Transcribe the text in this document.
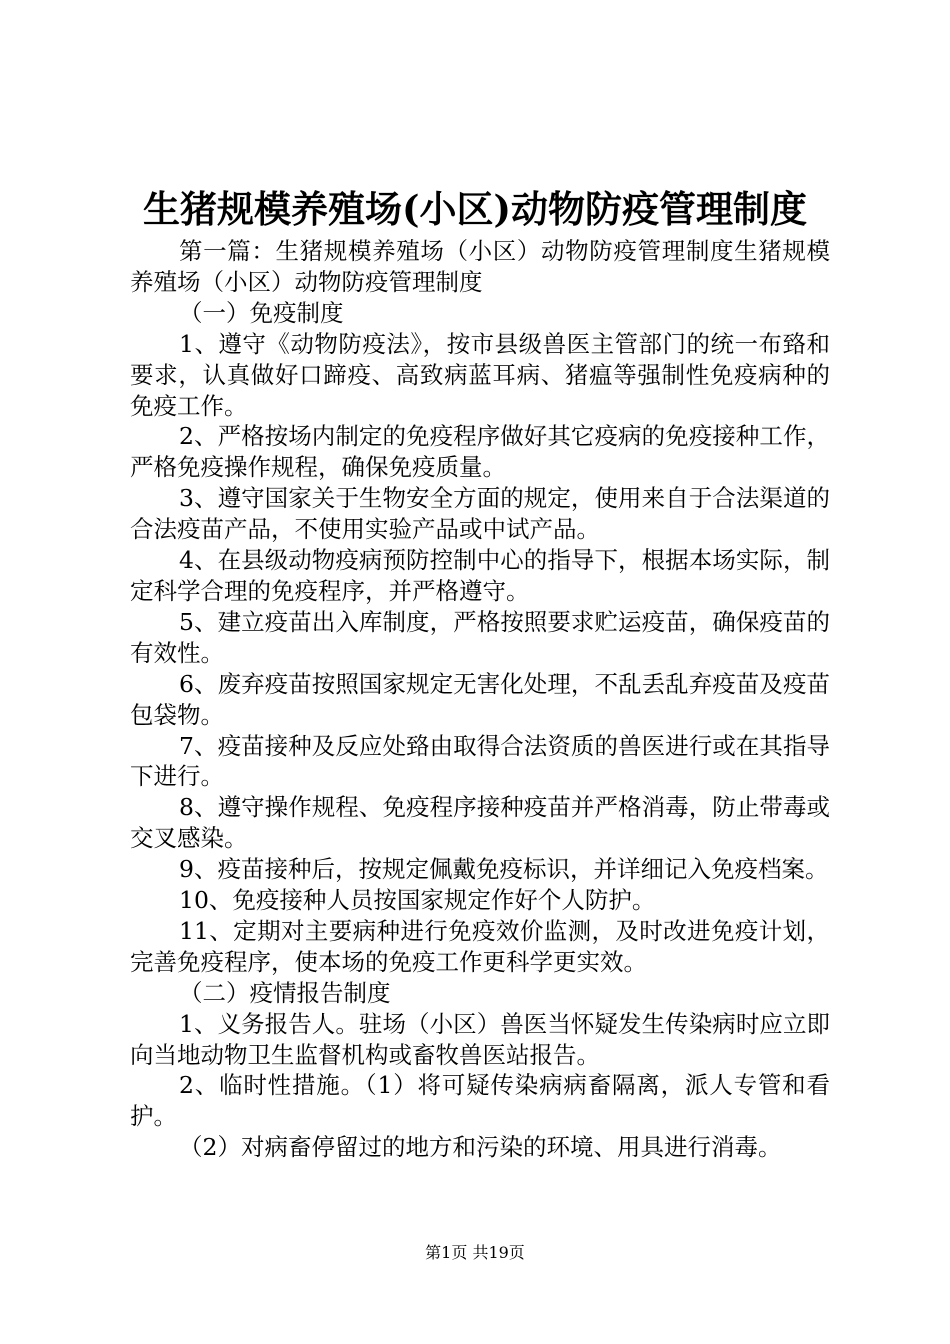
生猪规模养殖场(小区)动物防疫管理制度

第一篇：生猪规模养殖场（小区）动物防疫管理制度生猪规模养殖场（小区）动物防疫管理制度

（一）免疫制度

1、遵守《动物防疫法》，按市县级兽医主管部门的统一布臵和要求，认真做好口蹄疫、高致病蓝耳病、猪瘟等强制性免疫病种的免疫工作。

2、严格按场内制定的免疫程序做好其它疫病的免疫接种工作，严格免疫操作规程，确保免疫质量。

3、遵守国家关于生物安全方面的规定，使用来自于合法渠道的合法疫苗产品，不使用实验产品或中试产品。

4、在县级动物疫病预防控制中心的指导下，根据本场实际，制定科学合理的免疫程序，并严格遵守。

5、建立疫苗出入库制度，严格按照要求贮运疫苗，确保疫苗的有效性。

6、废弃疫苗按照国家规定无害化处理，不乱丢乱弃疫苗及疫苗包袋物。

7、疫苗接种及反应处臵由取得合法资质的兽医进行或在其指导下进行。

8、遵守操作规程、免疫程序接种疫苗并严格消毒，防止带毒或交叉感染。

9、疫苗接种后，按规定佩戴免疫标识，并详细记入免疫档案。

10、免疫接种人员按国家规定作好个人防护。

11、定期对主要病种进行免疫效价监测，及时改进免疫计划，完善免疫程序，使本场的免疫工作更科学更实效。

（二）疫情报告制度

1、义务报告人。驻场（小区）兽医当怀疑发生传染病时应立即向当地动物卫生监督机构或畜牧兽医站报告。

2、临时性措施。（1）将可疑传染病病畜隔离，派人专管和看护。

（2）对病畜停留过的地方和污染的环境、用具进行消毒。

第1页 共19页
